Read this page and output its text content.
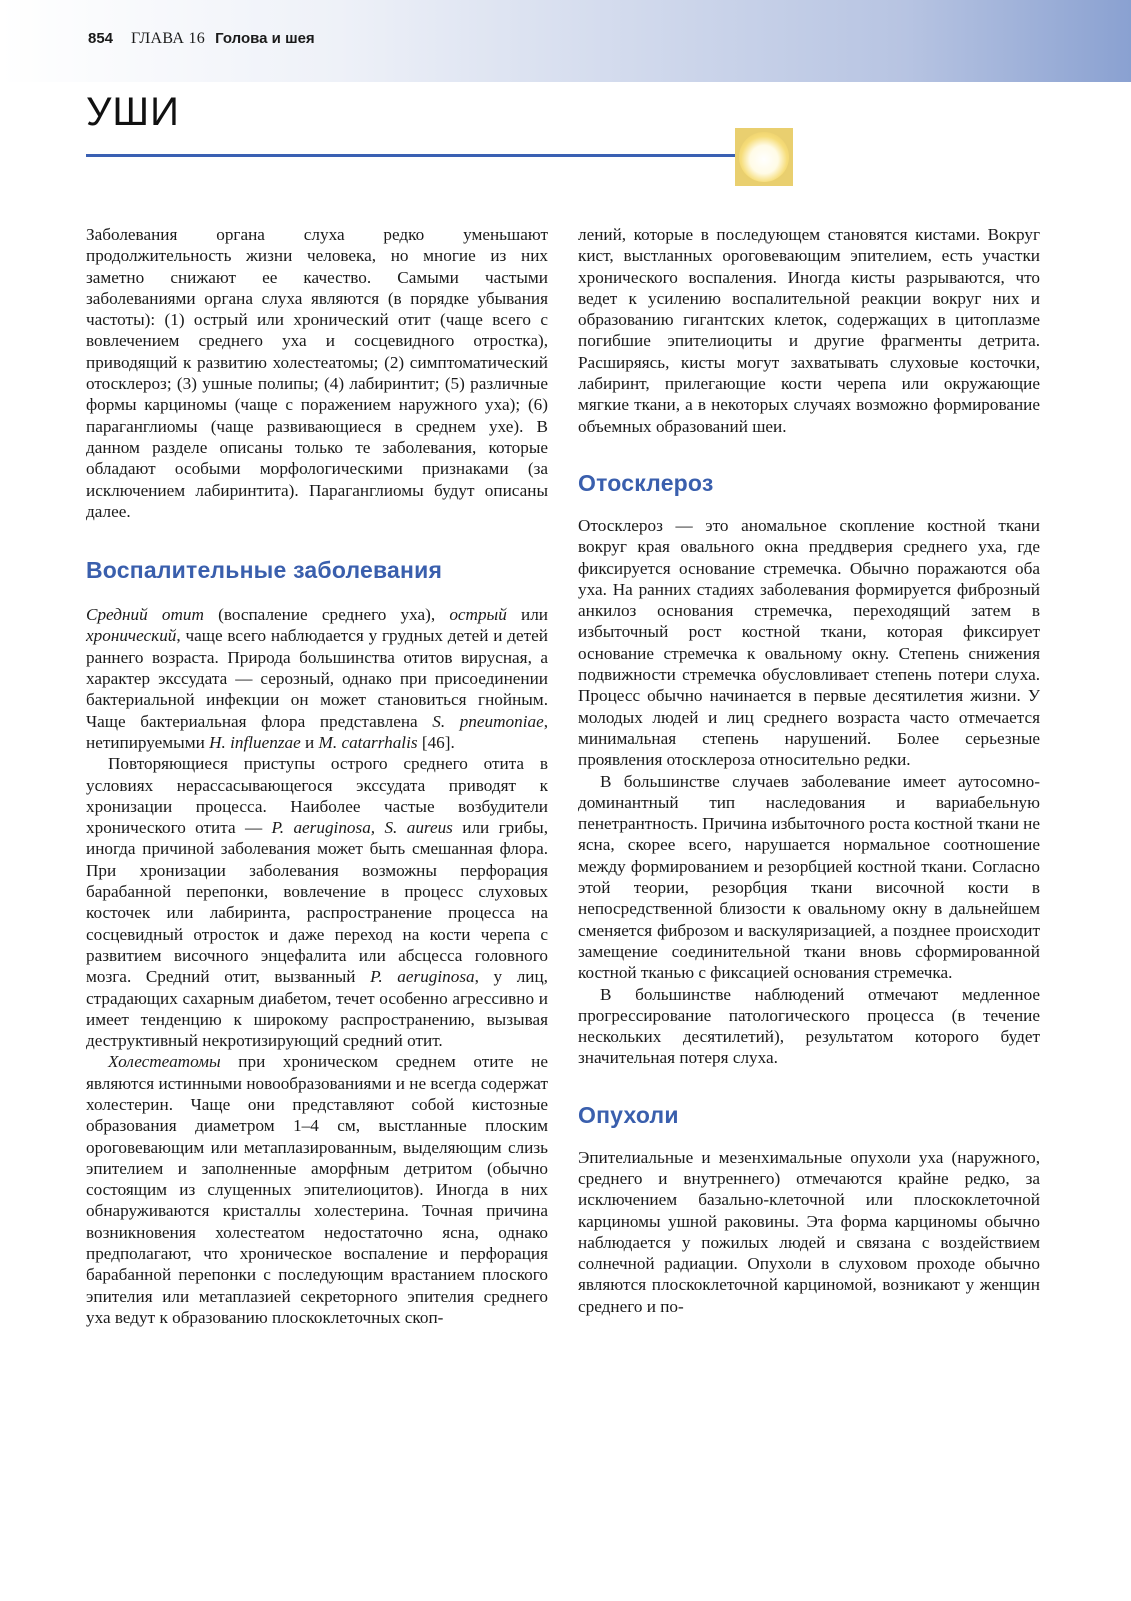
854 ГЛАВА 16 Голова и шея
УШИ

Заболевания органа слуха редко уменьшают продолжительность жизни человека, но многие из них заметно снижают ее качество. Самыми частыми заболеваниями органа слуха являются (в порядке убывания частоты): (1) острый или хронический отит (чаще всего с вовлечением среднего уха и сосцевидного отростка), приводящий к развитию холестеатомы; (2) симптоматический отосклероз; (3) ушные полипы; (4) лабиринтит; (5) различные формы карциномы (чаще с поражением наружного уха); (6) параганглиомы (чаще развивающиеся в среднем ухе). В данном разделе описаны только те заболевания, которые обладают особыми морфологическими признаками (за исключением лабиринтита). Параганглиомы будут описаны далее.

Воспалительные заболевания

Средний отит (воспаление среднего уха), острый или хронический, чаще всего наблюдается у грудных детей и детей раннего возраста. Природа большинства отитов вирусная, а характер экссудата — серозный, однако при присоединении бактериальной инфекции он может становиться гнойным. Чаще бактериальная флора представлена S. pneumoniae, нетипируемыми H. influenzae и M. catarrhalis [46].

Повторяющиеся приступы острого среднего отита в условиях нерассасывающегося экссудата приводят к хронизации процесса. Наиболее частые возбудители хронического отита — P. aeruginosa, S. aureus или грибы, иногда причиной заболевания может быть смешанная флора. При хронизации заболевания возможны перфорация барабанной перепонки, вовлечение в процесс слуховых косточек или лабиринта, распространение процесса на сосцевидный отросток и даже переход на кости черепа с развитием височного энцефалита или абсцесса головного мозга. Средний отит, вызванный P. aeruginosa, у лиц, страдающих сахарным диабетом, течет особенно агрессивно и имеет тенденцию к широкому распространению, вызывая деструктивный некротизирующий средний отит.

Холестеатомы при хроническом среднем отите не являются истинными новообразованиями и не всегда содержат холестерин. Чаще они представляют собой кистозные образования диаметром 1–4 см, выстланные плоским ороговевающим или метаплазированным, выделяющим слизь эпителием и заполненные аморфным детритом (обычно состоящим из слущенных эпителиоцитов). Иногда в них обнаруживаются кристаллы холестерина. Точная причина возникновения холестеатом недостаточно ясна, однако предполагают, что хроническое воспаление и перфорация барабанной перепонки с последующим врастанием плоского эпителия или метаплазией секреторного эпителия среднего уха ведут к образованию плоскоклеточных скоп-

лений, которые в последующем становятся кистами. Вокруг кист, выстланных ороговевающим эпителием, есть участки хронического воспаления. Иногда кисты разрываются, что ведет к усилению воспалительной реакции вокруг них и образованию гигантских клеток, содержащих в цитоплазме погибшие эпителиоциты и другие фрагменты детрита. Расширяясь, кисты могут захватывать слуховые косточки, лабиринт, прилегающие кости черепа или окружающие мягкие ткани, а в некоторых случаях возможно формирование объемных образований шеи.

Отосклероз

Отосклероз — это аномальное скопление костной ткани вокруг края овального окна преддверия среднего уха, где фиксируется основание стремечка. Обычно поражаются оба уха. На ранних стадиях заболевания формируется фиброзный анкилоз основания стремечка, переходящий затем в избыточный рост костной ткани, которая фиксирует основание стремечка к овальному окну. Степень снижения подвижности стремечка обусловливает степень потери слуха. Процесс обычно начинается в первые десятилетия жизни. У молодых людей и лиц среднего возраста часто отмечается минимальная степень нарушений. Более серьезные проявления отосклероза относительно редки.

В большинстве случаев заболевание имеет аутосомно-доминантный тип наследования и вариабельную пенетрантность. Причина избыточного роста костной ткани не ясна, скорее всего, нарушается нормальное соотношение между формированием и резорбцией костной ткани. Согласно этой теории, резорбция ткани височной кости в непосредственной близости к овальному окну в дальнейшем сменяется фиброзом и васкуляризацией, а позднее происходит замещение соединительной ткани вновь сформированной костной тканью с фиксацией основания стремечка.

В большинстве наблюдений отмечают медленное прогрессирование патологического процесса (в течение нескольких десятилетий), результатом которого будет значительная потеря слуха.

Опухоли

Эпителиальные и мезенхимальные опухоли уха (наружного, среднего и внутреннего) отмечаются крайне редко, за исключением базально-клеточной или плоскоклеточной карциномы ушной раковины. Эта форма карциномы обычно наблюдается у пожилых людей и связана с воздействием солнечной радиации. Опухоли в слуховом проходе обычно являются плоскоклеточной карциномой, возникают у женщин среднего и по-
